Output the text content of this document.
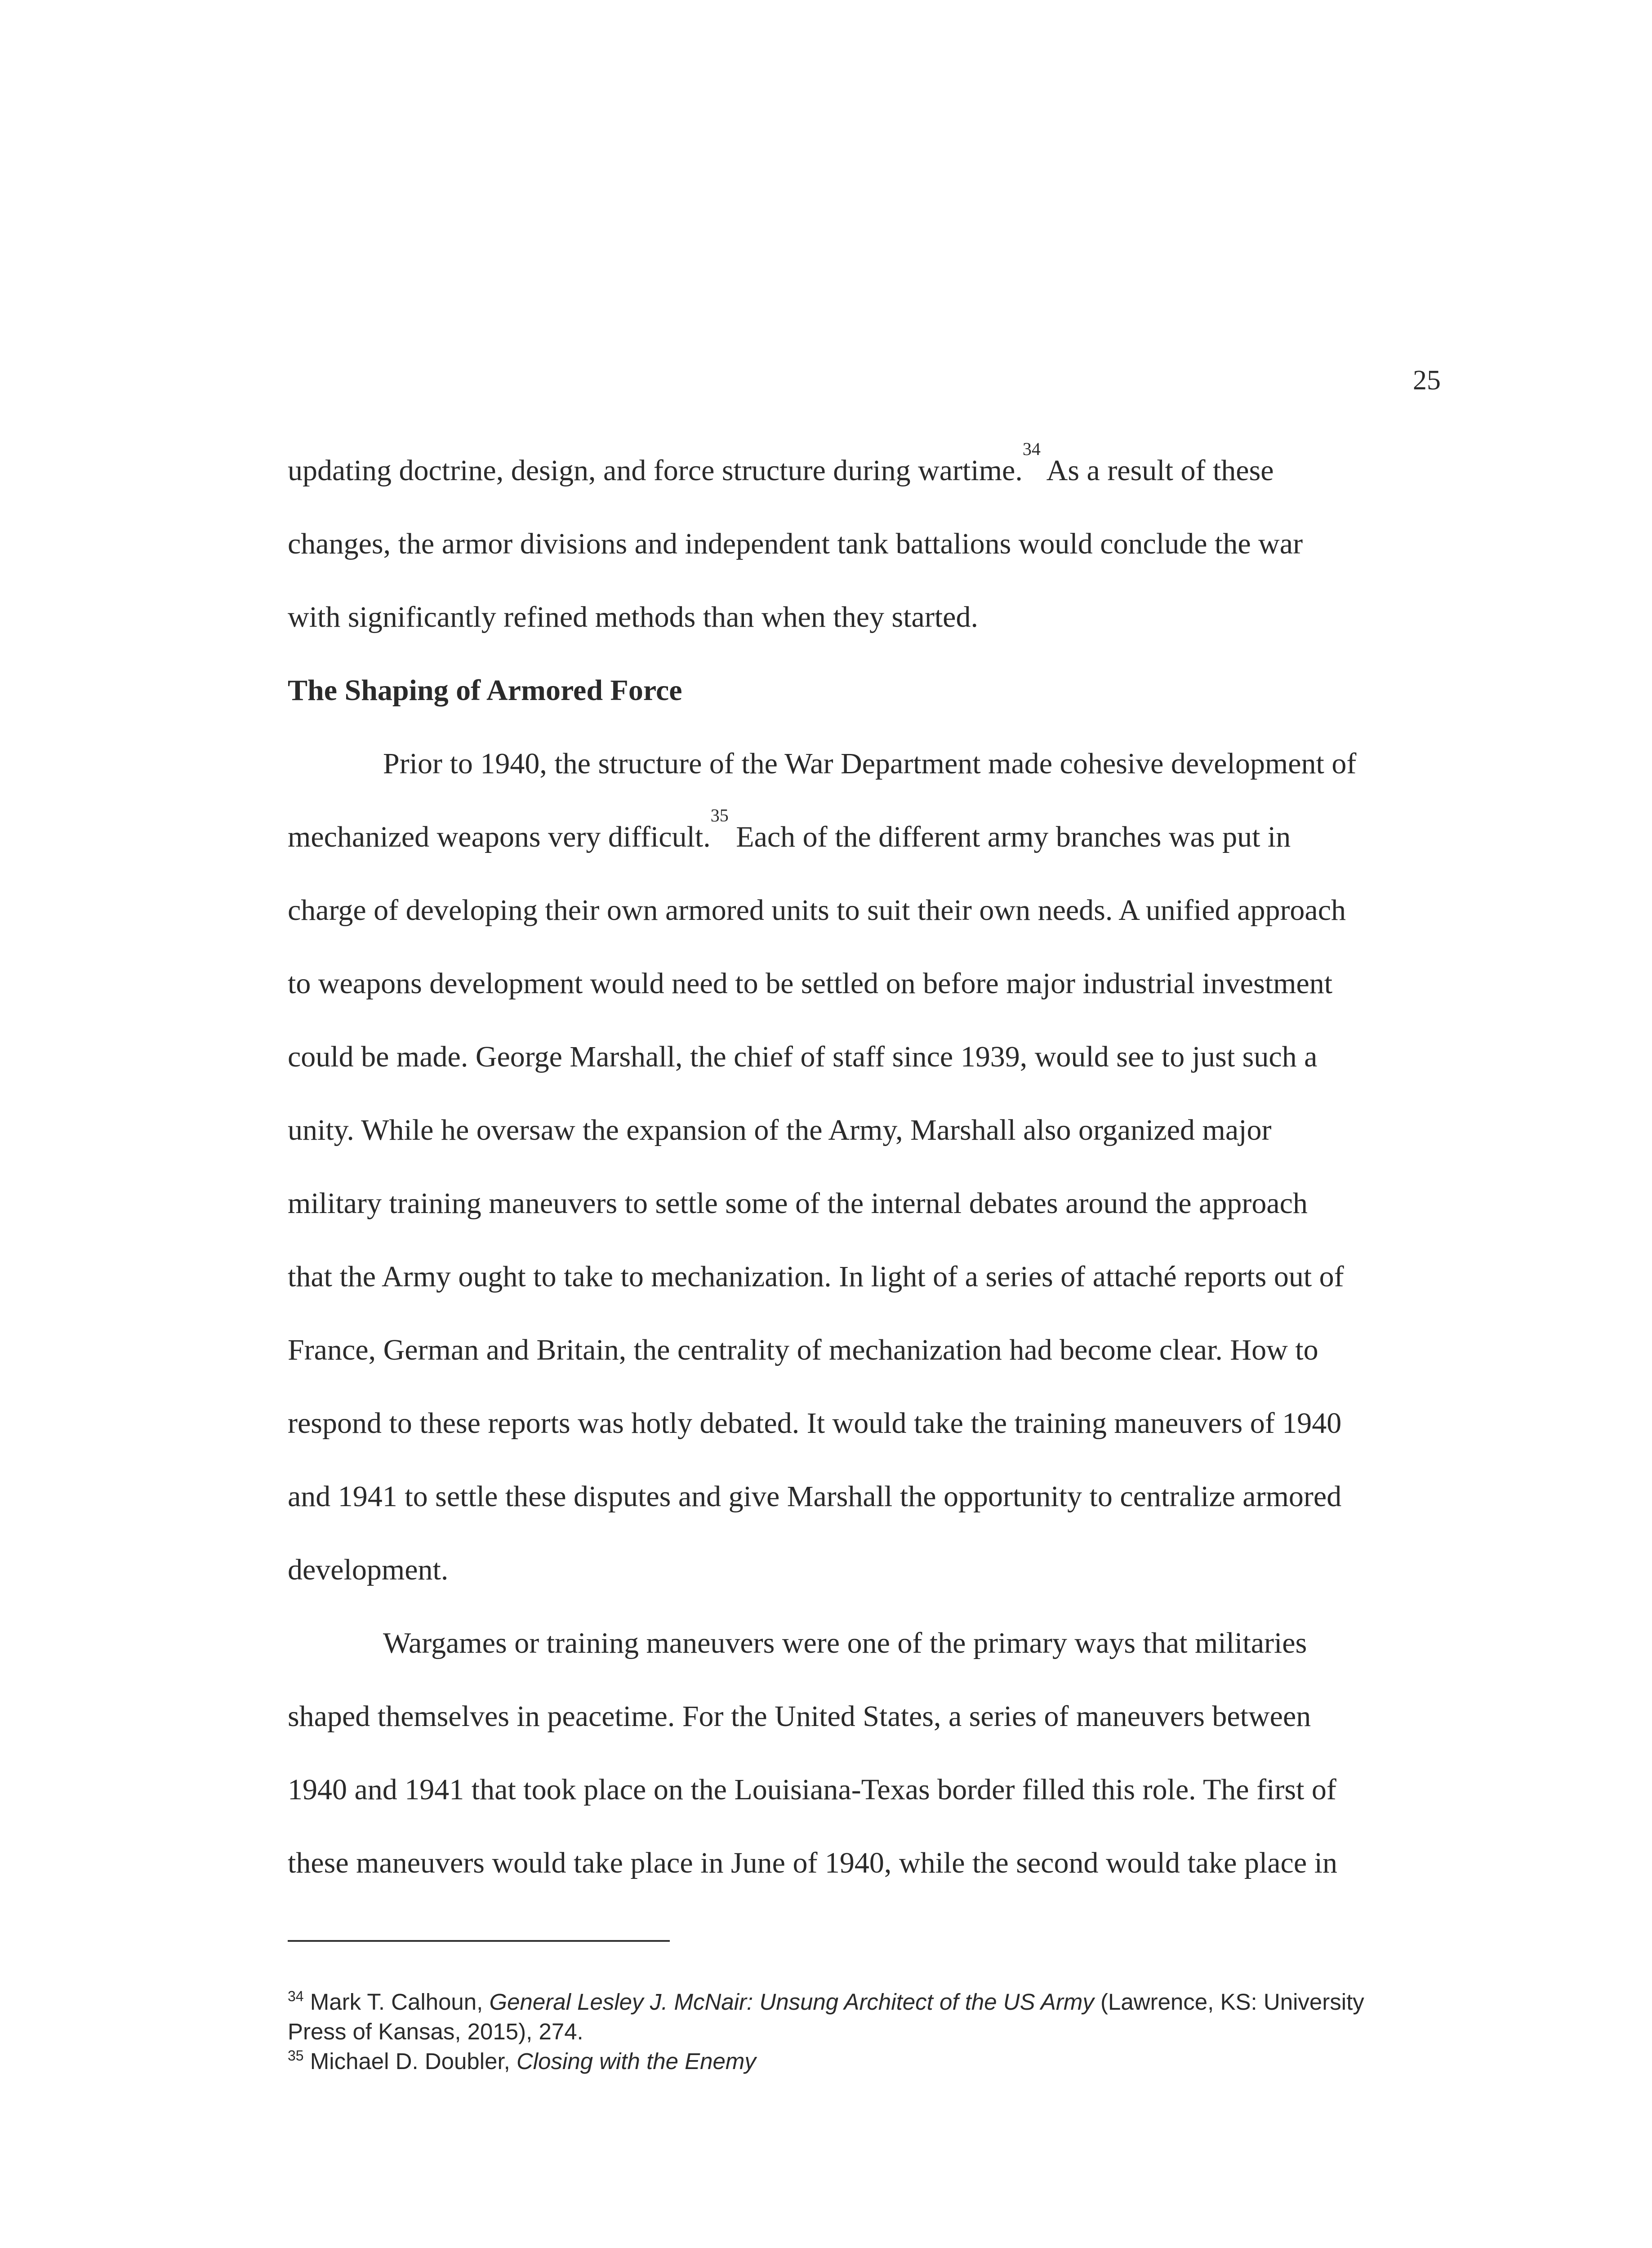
25

updating doctrine, design, and force structure during wartime.$^{34}$ As a result of these

changes, the armor divisions and independent tank battalions would conclude the war

with significantly refined methods than when they started.

The Shaping of Armored Force

Prior to 1940, the structure of the War Department made cohesive development of

mechanized weapons very difficult.$^{35}$ Each of the different army branches was put in

charge of developing their own armored units to suit their own needs. A unified approach

to weapons development would need to be settled on before major industrial investment

could be made. George Marshall, the chief of staff since 1939, would see to just such a

unity. While he oversaw the expansion of the Army, Marshall also organized major

military training maneuvers to settle some of the internal debates around the approach

that the Army ought to take to mechanization. In light of a series of attaché reports out of

France, German and Britain, the centrality of mechanization had become clear. How to

respond to these reports was hotly debated. It would take the training maneuvers of 1940

and 1941 to settle these disputes and give Marshall the opportunity to centralize armored

development.

Wargames or training maneuvers were one of the primary ways that militaries

shaped themselves in peacetime. For the United States, a series of maneuvers between

1940 and 1941 that took place on the Louisiana-Texas border filled this role. The first of

these maneuvers would take place in June of 1940, while the second would take place in

$^{34}$ Mark T. Calhoun, General Lesley J. McNair: Unsung Architect of the US Army (Lawrence, KS: University

Press of Kansas, 2015), 274.

$^{35}$ Michael D. Doubler, Closing with the Enemy
